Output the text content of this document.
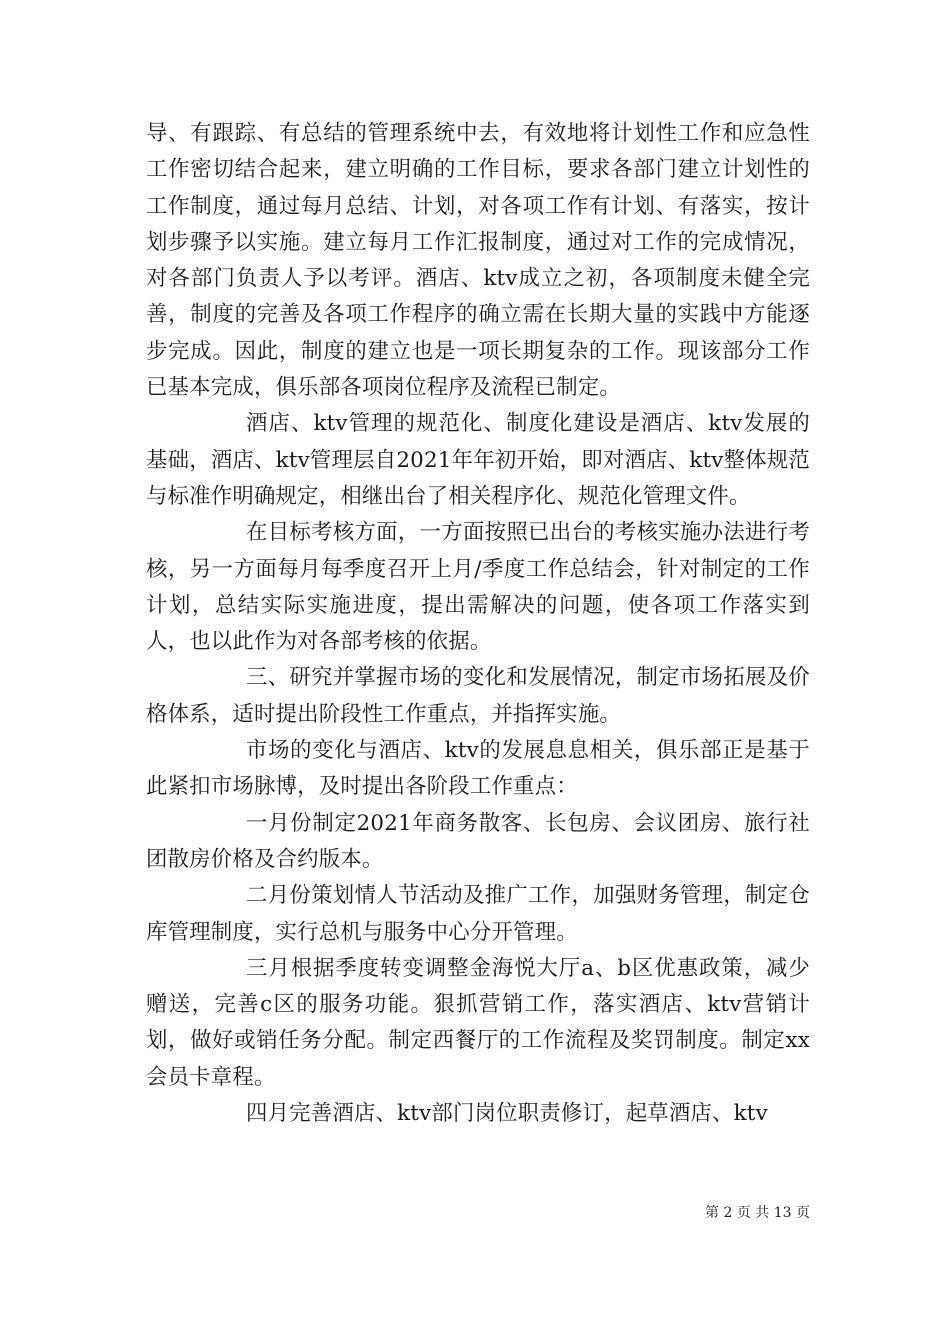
导、有跟踪、有总结的管理系统中去，有效地将计划性工作和应急性工作密切结合起来，建立明确的工作目标，要求各部门建立计划性的工作制度，通过每月总结、计划，对各项工作有计划、有落实，按计划步骤予以实施。建立每月工作汇报制度，通过对工作的完成情况，对各部门负责人予以考评。酒店、ktv成立之初，各项制度未健全完善，制度的完善及各项工作程序的确立需在长期大量的实践中方能逐步完成。因此，制度的建立也是一项长期复杂的工作。现该部分工作已基本完成，俱乐部各项岗位程序及流程已制定。

酒店、ktv管理的规范化、制度化建设是酒店、ktv发展的基础，酒店、ktv管理层自2021年年初开始，即对酒店、ktv整体规范与标准作明确规定，相继出台了相关程序化、规范化管理文件。

在目标考核方面，一方面按照已出台的考核实施办法进行考核，另一方面每月每季度召开上月/季度工作总结会，针对制定的工作计划，总结实际实施进度，提出需解决的问题，使各项工作落实到人，也以此作为对各部考核的依据。

三、研究并掌握市场的变化和发展情况，制定市场拓展及价格体系，适时提出阶段性工作重点，并指挥实施。

市场的变化与酒店、ktv的发展息息相关，俱乐部正是基于此紧扣市场脉博，及时提出各阶段工作重点：

一月份制定2021年商务散客、长包房、会议团房、旅行社团散房价格及合约版本。

二月份策划情人节活动及推广工作，加强财务管理，制定仓库管理制度，实行总机与服务中心分开管理。

三月根据季度转变调整金海悦大厅a、b区优惠政策，减少赠送，完善c区的服务功能。狠抓营销工作，落实酒店、ktv营销计划，做好或销任务分配。制定西餐厅的工作流程及奖罚制度。制定xx会员卡章程。

四月完善酒店、ktv部门岗位职责修订，起草酒店、ktv

第 2 页 共 13 页
